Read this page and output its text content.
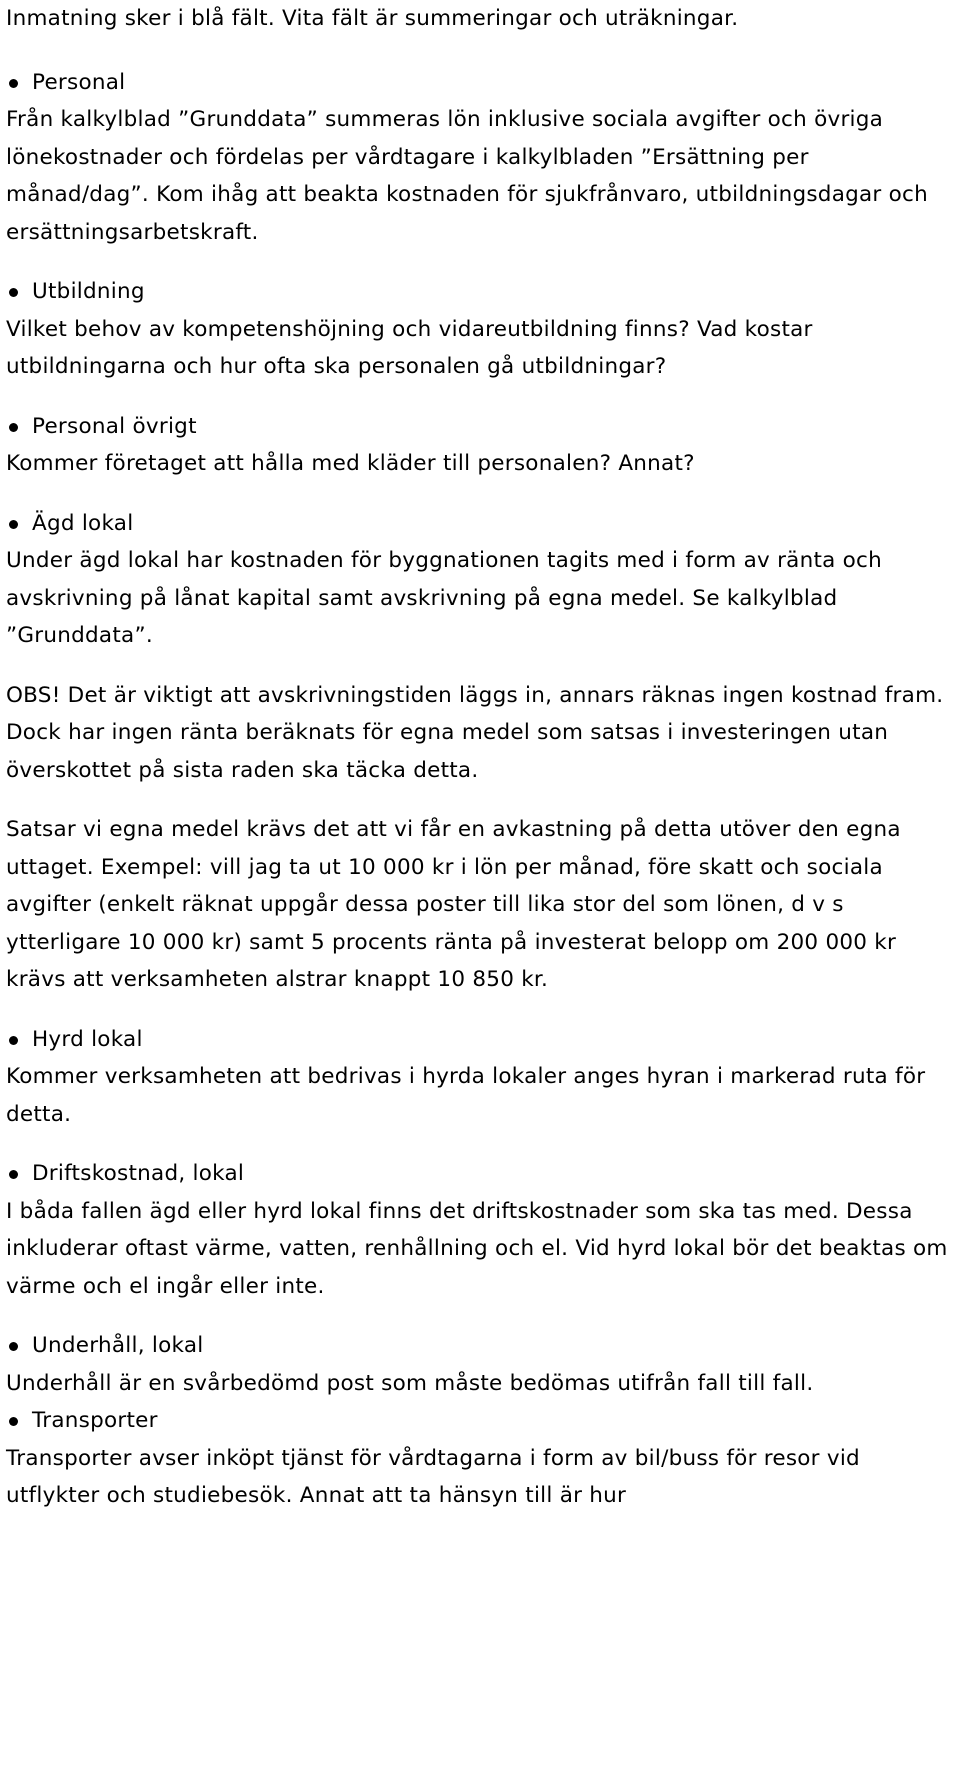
Inmatning sker i blå fält. Vita fält är summeringar och uträkningar.

Personal

Från kalkylblad ”Grunddata” summeras lön inklusive sociala avgifter och övriga lönekostnader och fördelas per vårdtagare i kalkylbladen ”Ersättning per månad/dag”. Kom ihåg att beakta kostnaden för sjukfrånvaro, utbildningsdagar och ersättningsarbetskraft.

Utbildning

Vilket behov av kompetenshöjning och vidareutbildning finns? Vad kostar utbildningarna och hur ofta ska personalen gå utbildningar?

Personal övrigt

Kommer företaget att hålla med kläder till personalen? Annat?

Ägd lokal

Under ägd lokal har kostnaden för byggnationen tagits med i form av ränta och avskrivning på lånat kapital samt avskrivning på egna medel. Se kalkylblad ”Grunddata”.

OBS! Det är viktigt att avskrivningstiden läggs in, annars räknas ingen kostnad fram. Dock har ingen ränta beräknats för egna medel som satsas i investeringen utan överskottet på sista raden ska täcka detta.

Satsar vi egna medel krävs det att vi får en avkastning på detta utöver den egna uttaget. Exempel: vill jag ta ut 10 000 kr i lön per månad, före skatt och sociala avgifter (enkelt räknat uppgår dessa poster till lika stor del som lönen, d v s ytterligare 10 000 kr) samt 5 procents ränta på investerat belopp om 200 000 kr krävs att verksamheten alstrar knappt 10 850 kr.

Hyrd lokal

Kommer verksamheten att bedrivas i hyrda lokaler anges hyran i markerad ruta för detta.

Driftskostnad, lokal

I båda fallen ägd eller hyrd lokal finns det driftskostnader som ska tas med. Dessa inkluderar oftast värme, vatten, renhållning och el. Vid hyrd lokal bör det beaktas om värme och el ingår eller inte.

Underhåll, lokal

Underhåll är en svårbedömd post som måste bedömas utifrån fall till fall.

Transporter

Transporter avser inköpt tjänst för vårdtagarna i form av bil/buss för resor vid utflykter och studiebesök. Annat att ta hänsyn till är hur
